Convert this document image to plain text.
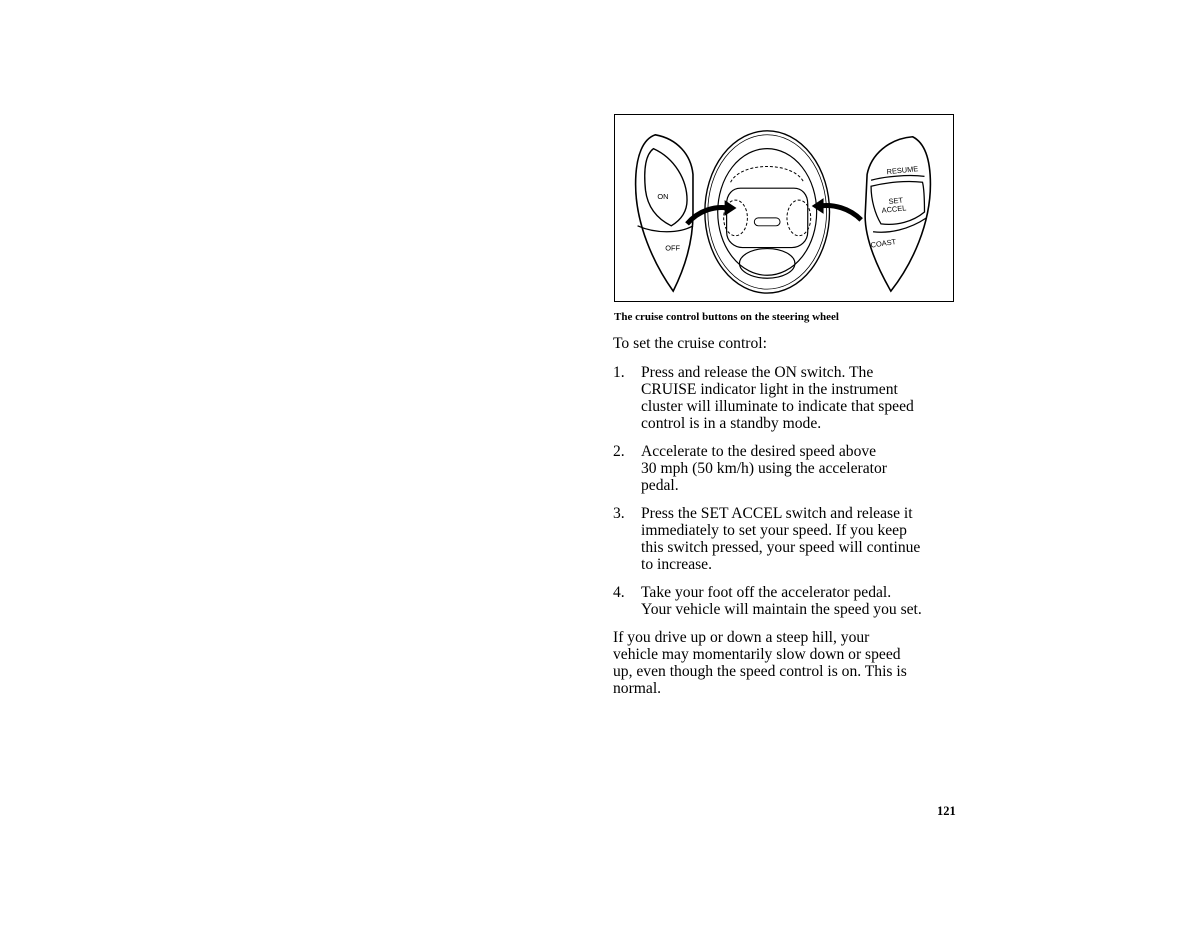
ON
OFF
RESUME
SET
ACCEL
COAST
The cruise control buttons on the steering wheel
To set the cruise control:
1.	Press and release the ON switch. The
CRUISE indicator light in the instrument
cluster will illuminate to indicate that speed
control is in a standby mode.
2.	Accelerate to the desired speed above
30 mph (50 km/h) using the accelerator
pedal.
3.	Press the SET ACCEL switch and release it
immediately to set your speed. If you keep
this switch pressed, your speed will continue
to increase.
4.	Take your foot off the accelerator pedal.
Your vehicle will maintain the speed you set.
If you drive up or down a steep hill, your
vehicle may momentarily slow down or speed
up, even though the speed control is on. This is
normal.
121
